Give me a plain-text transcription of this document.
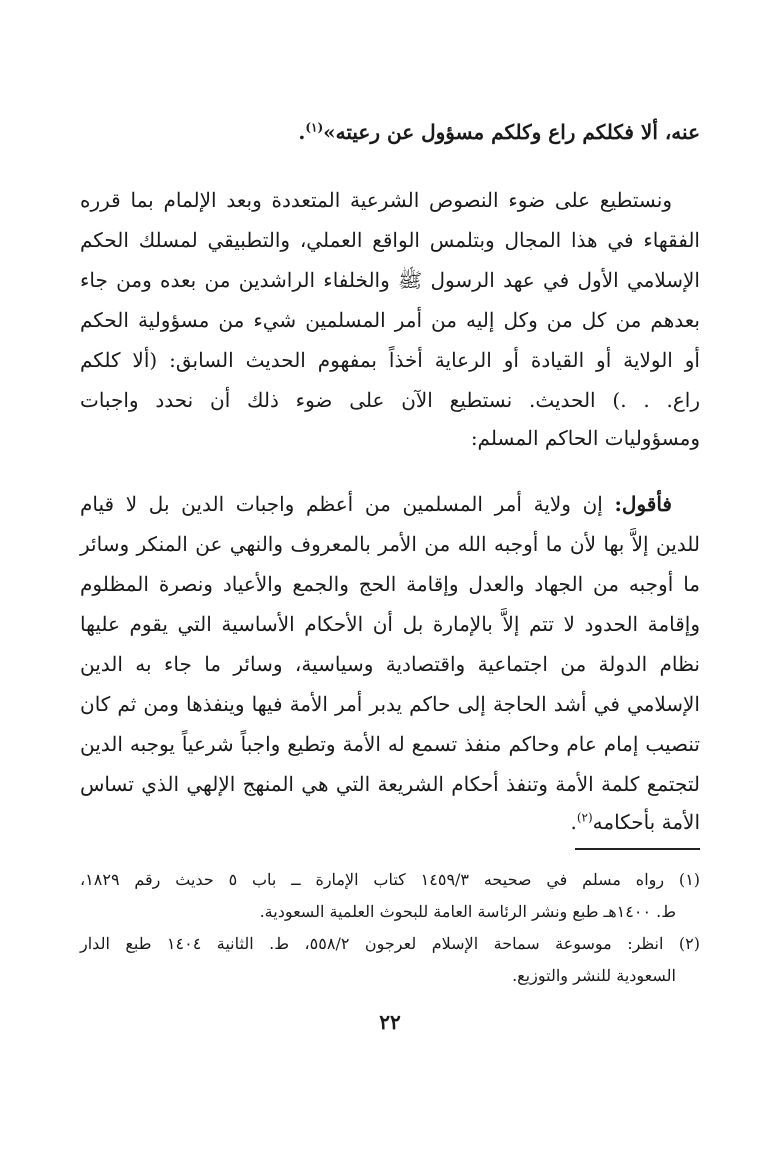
عنه، ألا فكلكم راع وكلكم مسؤول عن رعيته»$^{(١)}$.
ونستطيع على ضوء النصوص الشرعية المتعددة وبعد الإلمام بما قرره
الفقهاء في هذا المجال وبتلمس الواقع العملي، والتطبيقي لمسلك الحكم
الإسلامي الأول في عهد الرسول ﷺ والخلفاء الراشدين من بعده ومن جاء
بعدهم من كل من وكل إليه من أمر المسلمين شيء من مسؤولية الحكم
أو الولاية أو القيادة أو الرعاية أخذاً بمفهوم الحديث السابق: (ألا كلكم
راع. . .) الحديث. نستطيع الآن على ضوء ذلك أن نحدد واجبات
ومسؤوليات الحاكم المسلم:
فأقول: إن ولاية أمر المسلمين من أعظم واجبات الدين بل لا قيام
للدين إلاَّ بها لأن ما أوجبه الله من الأمر بالمعروف والنهي عن المنكر وسائر
ما أوجبه من الجهاد والعدل وإقامة الحج والجمع والأعياد ونصرة المظلوم
وإقامة الحدود لا تتم إلاَّ بالإمارة بل أن الأحكام الأساسية التي يقوم عليها
نظام الدولة من اجتماعية واقتصادية وسياسية، وسائر ما جاء به الدين
الإسلامي في أشد الحاجة إلى حاكم يدبر أمر الأمة فيها وينفذها ومن ثم كان
تنصيب إمام عام وحاكم منفذ تسمع له الأمة وتطيع واجباً شرعياً يوجبه الدين
لتجتمع كلمة الأمة وتنفذ أحكام الشريعة التي هي المنهج الإلهي الذي تساس
الأمة بأحكامه$^{(٢)}$.
(١) رواه مسلم في صحيحه ١٤٥٩/٣ كتاب الإمارة ــ باب ٥ حديث رقم ١٨٢٩،
ط. ١٤٠٠هـ طبع ونشر الرئاسة العامة للبحوث العلمية السعودية.
(٢) انظر: موسوعة سماحة الإسلام لعرجون ٥٥٨/٢، ط. الثانية ١٤٠٤ طبع الدار
السعودية للنشر والتوزيع.
٢٢
